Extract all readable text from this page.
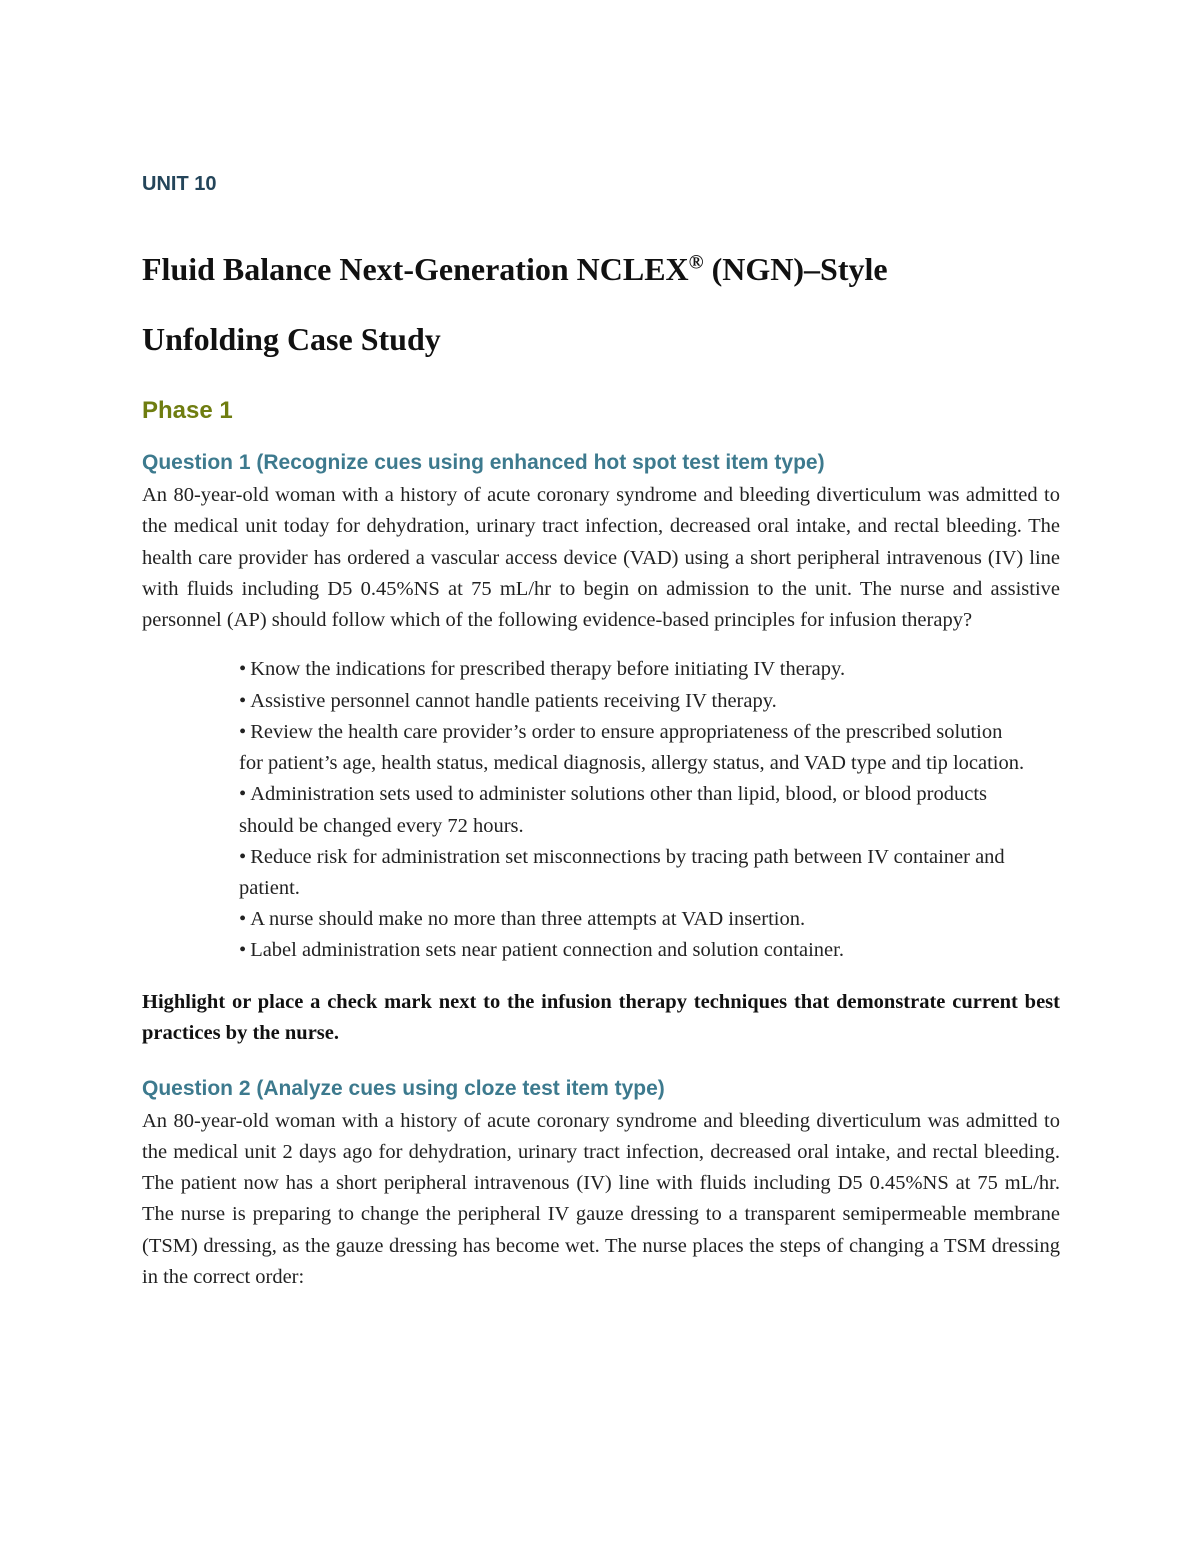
UNIT 10

Fluid Balance Next-Generation NCLEX® (NGN)–Style
Unfolding Case Study
Phase 1
Question 1 (Recognize cues using enhanced hot spot test item type)

An 80-year-old woman with a history of acute coronary syndrome and bleeding diverticulum was admitted to the medical unit today for dehydration, urinary tract infection, decreased oral intake, and rectal bleeding. The health care provider has ordered a vascular access device (VAD) using a short peripheral intravenous (IV) line with fluids including D5 0.45%NS at 75 mL/hr to begin on admission to the unit. The nurse and assistive personnel (AP) should follow which of the following evidence-based principles for infusion therapy?

• Know the indications for prescribed therapy before initiating IV therapy.
• Assistive personnel cannot handle patients receiving IV therapy.
• Review the health care provider’s order to ensure appropriateness of the prescribed solution for patient’s age, health status, medical diagnosis, allergy status, and VAD type and tip location.
• Administration sets used to administer solutions other than lipid, blood, or blood products should be changed every 72 hours.
• Reduce risk for administration set misconnections by tracing path between IV container and patient.
• A nurse should make no more than three attempts at VAD insertion.
• Label administration sets near patient connection and solution container.

Highlight or place a check mark next to the infusion therapy techniques that demonstrate current best practices by the nurse.

Question 2 (Analyze cues using cloze test item type)

An 80-year-old woman with a history of acute coronary syndrome and bleeding diverticulum was admitted to the medical unit 2 days ago for dehydration, urinary tract infection, decreased oral intake, and rectal bleeding. The patient now has a short peripheral intravenous (IV) line with fluids including D5 0.45%NS at 75 mL/hr. The nurse is preparing to change the peripheral IV gauze dressing to a transparent semipermeable membrane (TSM) dressing, as the gauze dressing has become wet. The nurse places the steps of changing a TSM dressing in the correct order:
